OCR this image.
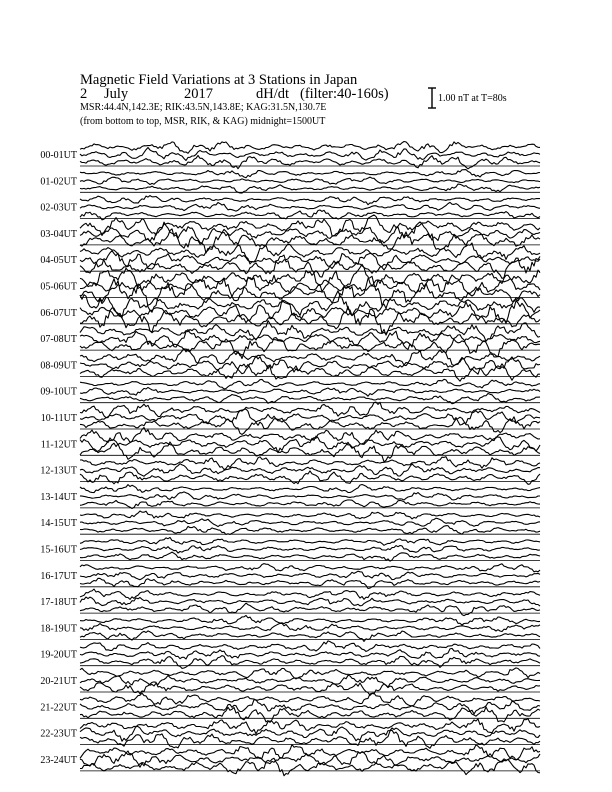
Magnetic Field Variations at 3 Stations in Japan
2 July	2017	dH/dt (filter:40-160s)
MSR:44.4N,142.3E; RIK:43.5N,143.8E; KAG:31.5N,130.7E
(from bottom to top, MSR, RIK, & KAG) midnight=1500UT
1.00 nT at T=80s
00-01UT
01-02UT
02-03UT
03-04UT
04-05UT
05-06UT
06-07UT
07-08UT
08-09UT
09-10UT
10-11UT
11-12UT
12-13UT
13-14UT
14-15UT
15-16UT
16-17UT
17-18UT
18-19UT
19-20UT
20-21UT
21-22UT
22-23UT
23-24UT
